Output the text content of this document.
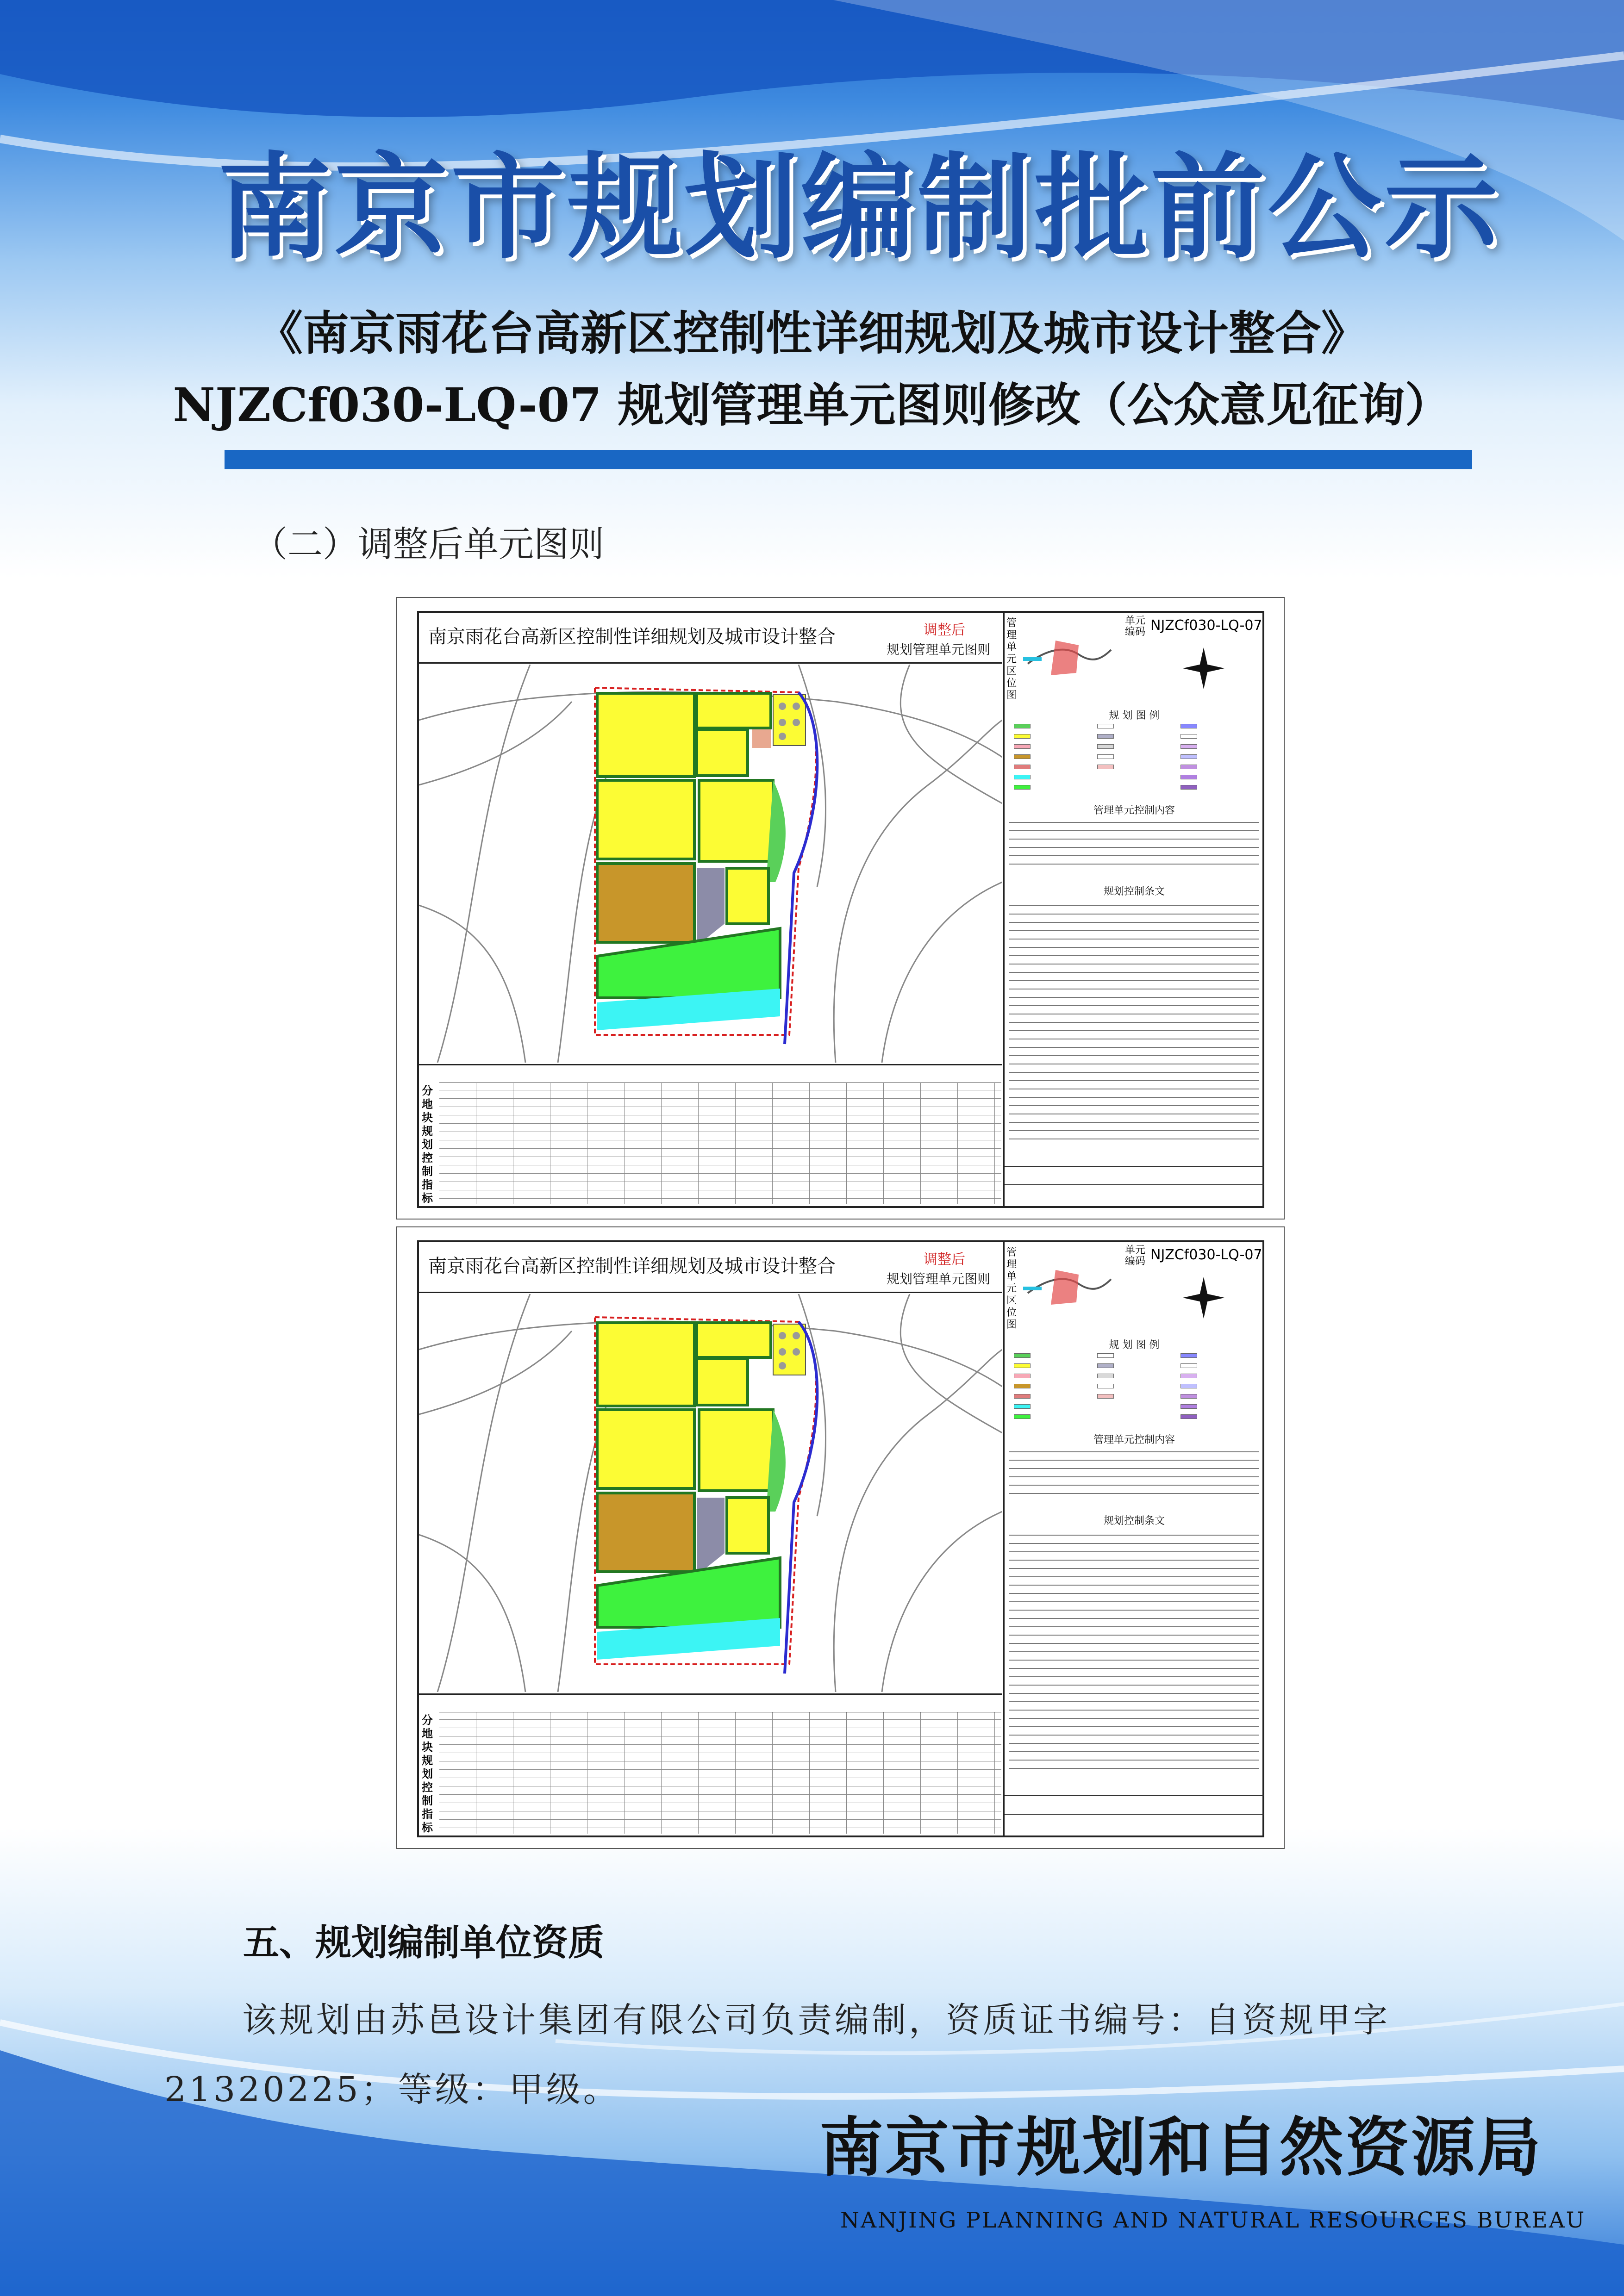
南京市规划编制批前公示
《南京雨花台高新区控制性详细规划及城市设计整合》
NJZCf030-LQ-07 规划管理单元图则修改（公众意见征询）
（二）调整后单元图则
南京雨花台高新区控制性详细规划及城市设计整合	调整后
规划管理单元图则
分地块规划控制指标
管理单元区位图
单元编码 NJZCf030-LQ-07
规 划 图 例
管理单元控制内容
规划控制条文
南京雨花台高新区控制性详细规划及城市设计整合	调整后
规划管理单元图则
分地块规划控制指标
管理单元区位图
单元编码 NJZCf030-LQ-07
规 划 图 例
管理单元控制内容
规划控制条文
五、规划编制单位资质
该规划由苏邑设计集团有限公司负责编制，资质证书编号：自资规甲字21320225；等级：甲级。
南京市规划和自然资源局
NANJING PLANNING AND NATURAL RESOURCES BUREAU
